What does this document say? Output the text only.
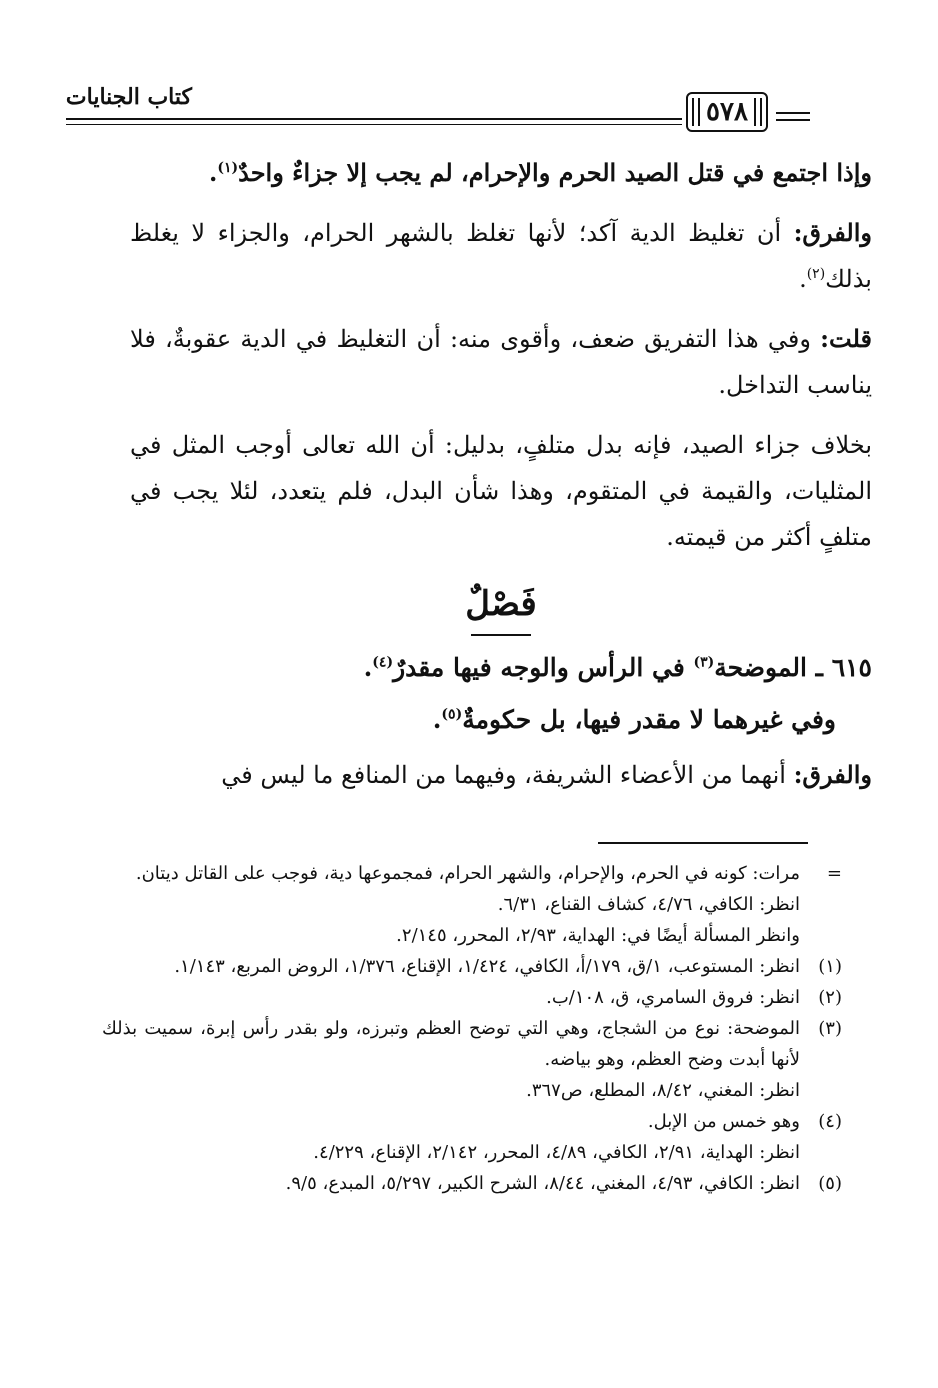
كتاب الجنايات	٥٧٨

وإذا اجتمع في قتل الصيد الحرم والإحرام، لم يجب إلا جزاءٌ واحدٌ$^{(١)}$.

والفرق: أن تغليظ الدية آكد؛ لأنها تغلظ بالشهر الحرام، والجزاء لا يغلظ بذلك$^{(٢)}$.

قلت: وفي هذا التفريق ضعف، وأقوى منه: أن التغليظ في الدية عقوبةٌ، فلا يناسب التداخل.

بخلاف جزاء الصيد، فإنه بدل متلفٍ، بدليل: أن الله تعالى أوجب المثل في المثليات، والقيمة في المتقوم، وهذا شأن البدل، فلم يتعدد، لئلا يجب في متلفٍ أكثر من قيمته.

فَصْلٌ

٦١٥ ـ الموضحة$^{(٣)}$ في الرأس والوجه فيها مقدرٌ$^{(٤)}$.

وفي غيرهما لا مقدر فيها، بل حكومةٌ$^{(٥)}$.

والفرق: أنهما من الأعضاء الشريفة، وفيهما من المنافع ما ليس في

=
مرات: كونه في الحرم، والإحرام، والشهر الحرام، فمجموعها دية، فوجب على القاتل ديتان.

انظر: الكافي، ٤/٧٦، كشاف القناع، ٦/٣١.

وانظر المسألة أيضًا في: الهداية، ٢/٩٣، المحرر، ٢/١٤٥.

(١)
انظر: المستوعب، ١/ق، ١٧٩/أ، الكافي، ١/٤٢٤، الإقناع، ١/٣٧٦، الروض المربع، ١/١٤٣.

(٢)
انظر: فروق السامري، ق، ١٠٨/ب.

(٣)
الموضحة: نوع من الشجاج، وهي التي توضح العظم وتبرزه، ولو بقدر رأس إبرة، سميت بذلك لأنها أبدت وضح العظم، وهو بياضه.

انظر: المغني، ٨/٤٢، المطلع، ص٣٦٧.

(٤)
وهو خمس من الإبل.

انظر: الهداية، ٢/٩١، الكافي، ٤/٨٩، المحرر، ٢/١٤٢، الإقناع، ٤/٢٢٩.

(٥)
انظر: الكافي، ٤/٩٣، المغني، ٨/٤٤، الشرح الكبير، ٥/٢٩٧، المبدع، ٩/٥.
